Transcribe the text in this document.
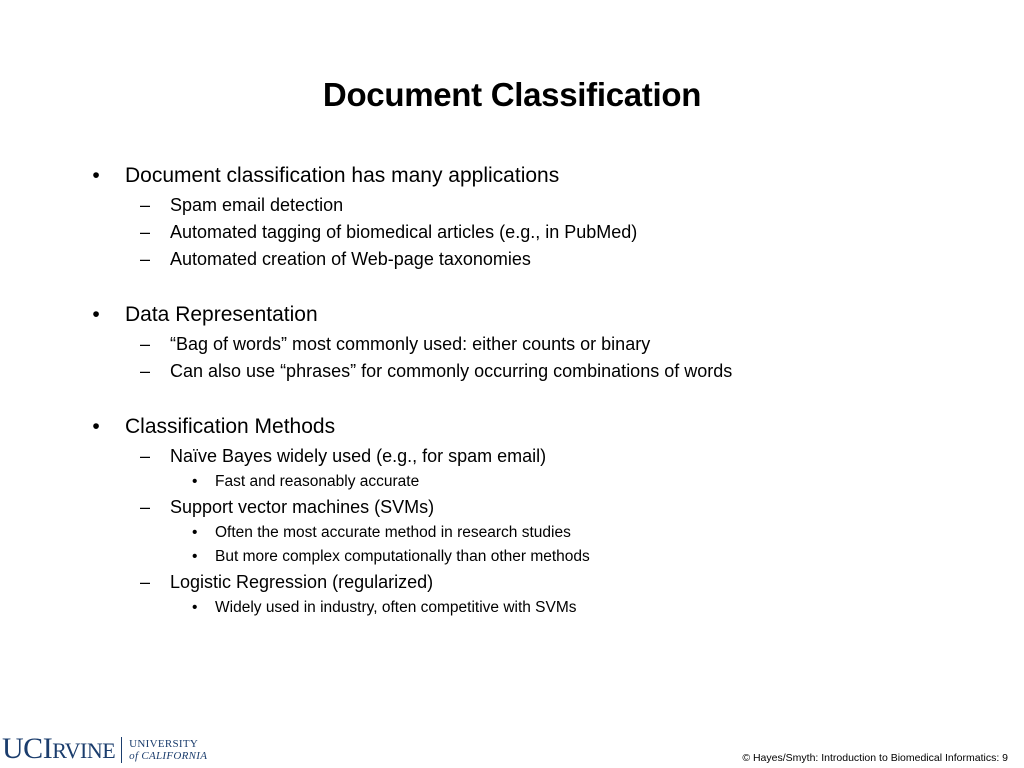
Document Classification
•	Document classification has many applications
– Spam email detection
– Automated tagging of biomedical articles (e.g., in PubMed)
– Automated creation of Web-page taxonomies
•	Data Representation
– “Bag of words” most commonly used: either counts or binary
– Can also use “phrases” for commonly occurring combinations of words
•	Classification Methods
– Naïve Bayes widely used (e.g., for spam email)
• Fast and reasonably accurate
– Support vector machines (SVMs)
• Often the most accurate method in research studies
• But more complex computationally than other methods
– Logistic Regression (regularized)
• Widely used in industry, often competitive with SVMs
UCIRVINE UNIVERSITY
of CALIFORNIA	© Hayes/Smyth: Introduction to Biomedical Informatics: 9
